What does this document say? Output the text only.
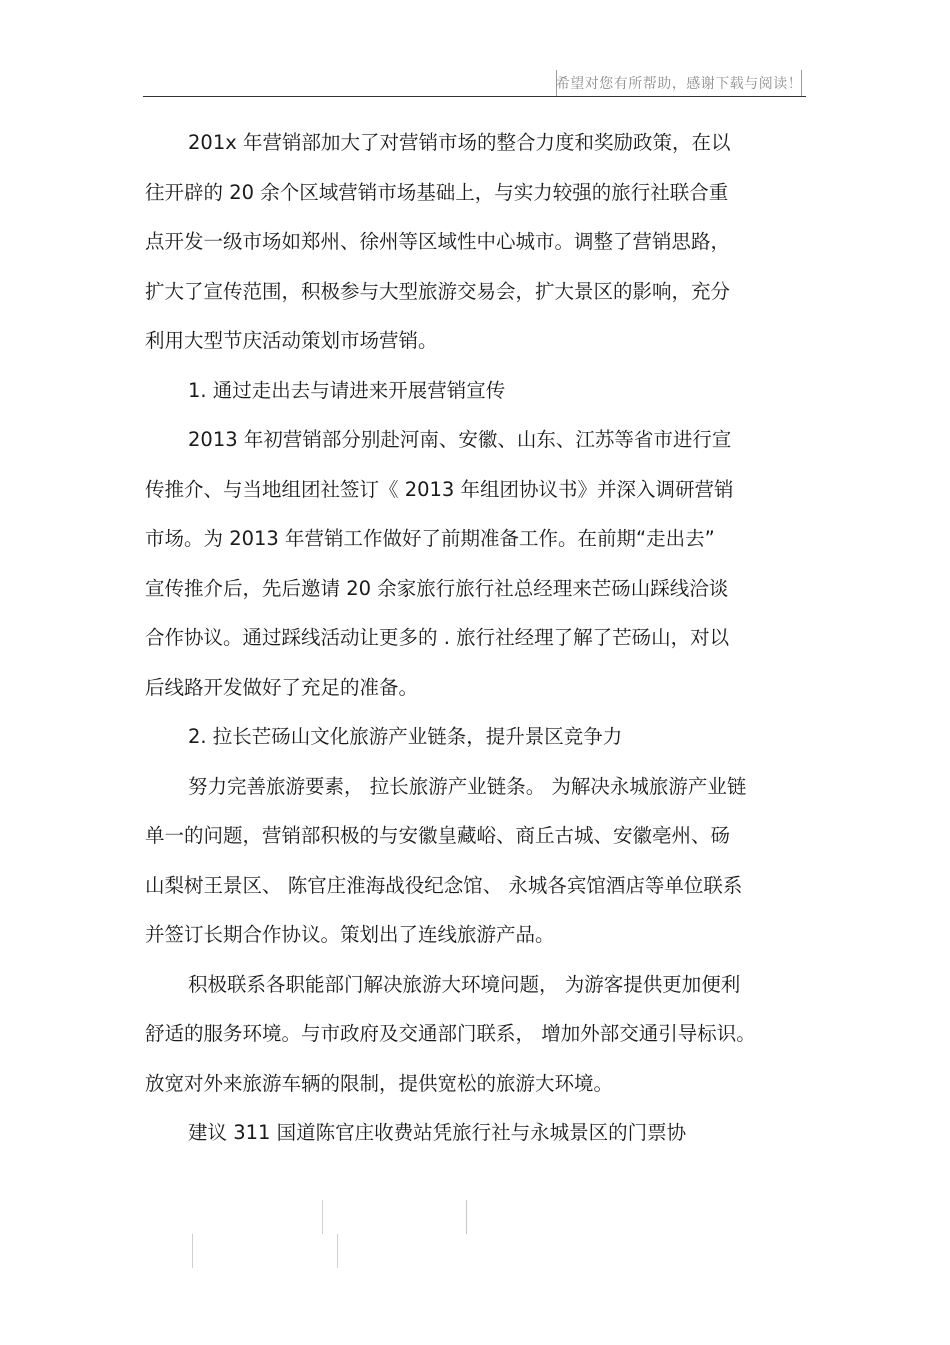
希望对您有所帮助，感谢下载与阅读！
201x 年营销部加大了对营销市场的整合力度和奖励政策，在以
往开辟的 20 余个区域营销市场基础上，与实力较强的旅行社联合重
点开发一级市场如郑州、徐州等区域性中心城市。调整了营销思路，
扩大了宣传范围，积极参与大型旅游交易会，扩大景区的影响，充分
利用大型节庆活动策划市场营销。
1. 通过走出去与请进来开展营销宣传
2013 年初营销部分别赴河南、安徽、山东、江苏等省市进行宣
传推介、与当地组团社签订《 2013 年组团协议书》并深入调研营销
市场。为 2013 年营销工作做好了前期准备工作。在前期“走出去”
宣传推介后，先后邀请 20 余家旅行旅行社总经理来芒砀山踩线洽谈
合作协议。通过踩线活动让更多的 . 旅行社经理了解了芒砀山，对以
后线路开发做好了充足的准备。
2. 拉长芒砀山文化旅游产业链条，提升景区竞争力
努力完善旅游要素， 拉长旅游产业链条。 为解决永城旅游产业链
单一的问题，营销部积极的与安徽皇藏峪、商丘古城、安徽亳州、砀
山梨树王景区、 陈官庄淮海战役纪念馆、 永城各宾馆酒店等单位联系
并签订长期合作协议。策划出了连线旅游产品。
积极联系各职能部门解决旅游大环境问题， 为游客提供更加便利
舒适的服务环境。与市政府及交通部门联系， 增加外部交通引导标识。
放宽对外来旅游车辆的限制，提供宽松的旅游大环境。
建议 311 国道陈官庄收费站凭旅行社与永城景区的门票协
